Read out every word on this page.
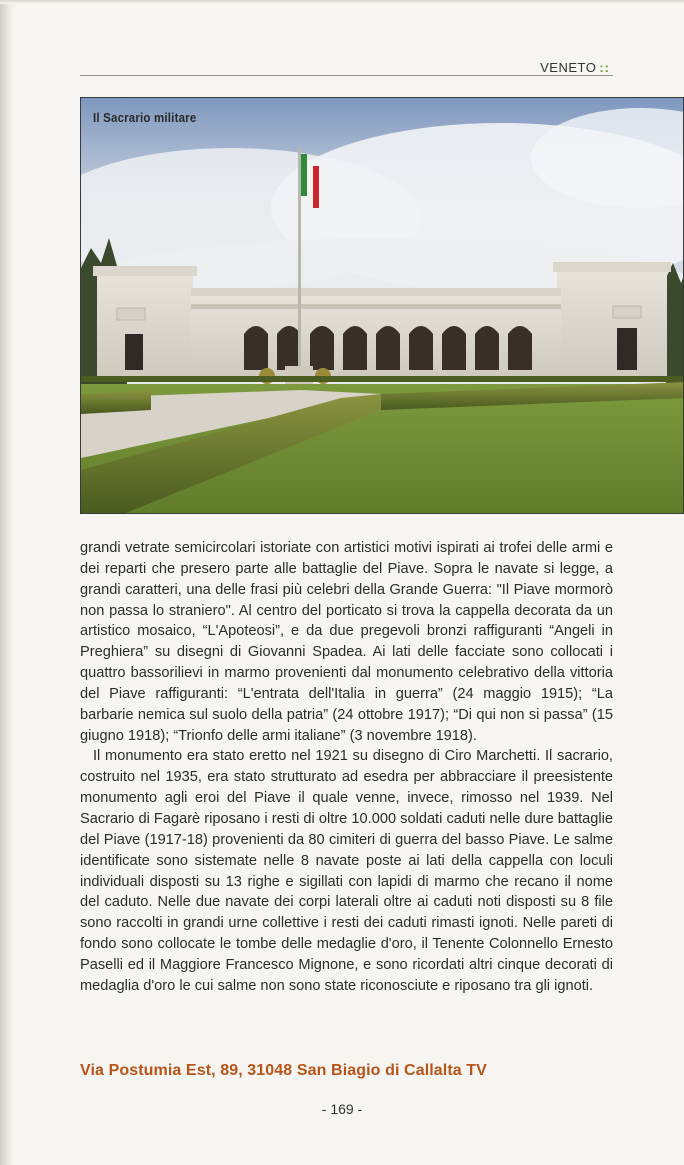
VENETO ::
Il Sacrario militare

grandi vetrate semicircolari istoriate con artistici motivi ispirati ai trofei delle armi e dei reparti che presero parte alle battaglie del Piave. Sopra le navate si legge, a grandi caratteri, una delle frasi più celebri della Grande Guerra: "Il Piave mormorò non passa lo straniero". Al centro del porticato si trova la cappella decorata da un artistico mosaico, “L'Apoteosi”, e da due pregevoli bronzi raffiguranti “Angeli in Preghiera” su disegni di Giovanni Spadea. Ai lati delle facciate sono collocati i quattro bassorilievi in marmo provenienti dal monumento celebrativo della vittoria del Piave raffiguranti: “L'entrata dell'Italia in guerra” (24 maggio 1915); “La barbarie nemica sul suolo della patria” (24 ottobre 1917); “Di qui non si passa” (15 giugno 1918); “Trionfo delle armi italiane” (3 novembre 1918).

Il monumento era stato eretto nel 1921 su disegno di Ciro Marchetti. Il sacrario, costruito nel 1935, era stato strutturato ad esedra per abbracciare il preesistente monumento agli eroi del Piave il quale venne, invece, rimosso nel 1939. Nel Sacrario di Fagarè riposano i resti di oltre 10.000 soldati caduti nelle dure battaglie del Piave (1917-18) provenienti da 80 cimiteri di guerra del basso Piave. Le salme identificate sono sistemate nelle 8 navate poste ai lati della cappella con loculi individuali disposti su 13 righe e sigillati con lapidi di marmo che recano il nome del caduto. Nelle due navate dei corpi laterali oltre ai caduti noti disposti su 8 file sono raccolti in grandi urne collettive i resti dei caduti rimasti ignoti. Nelle pareti di fondo sono collocate le tombe delle medaglie d'oro, il Tenente Colonnello Ernesto Paselli ed il Maggiore Francesco Mignone, e sono ricordati altri cinque decorati di medaglia d'oro le cui salme non sono state riconosciute e riposano tra gli ignoti.

Via Postumia Est, 89, 31048 San Biagio di Callalta TV
- 169 -
